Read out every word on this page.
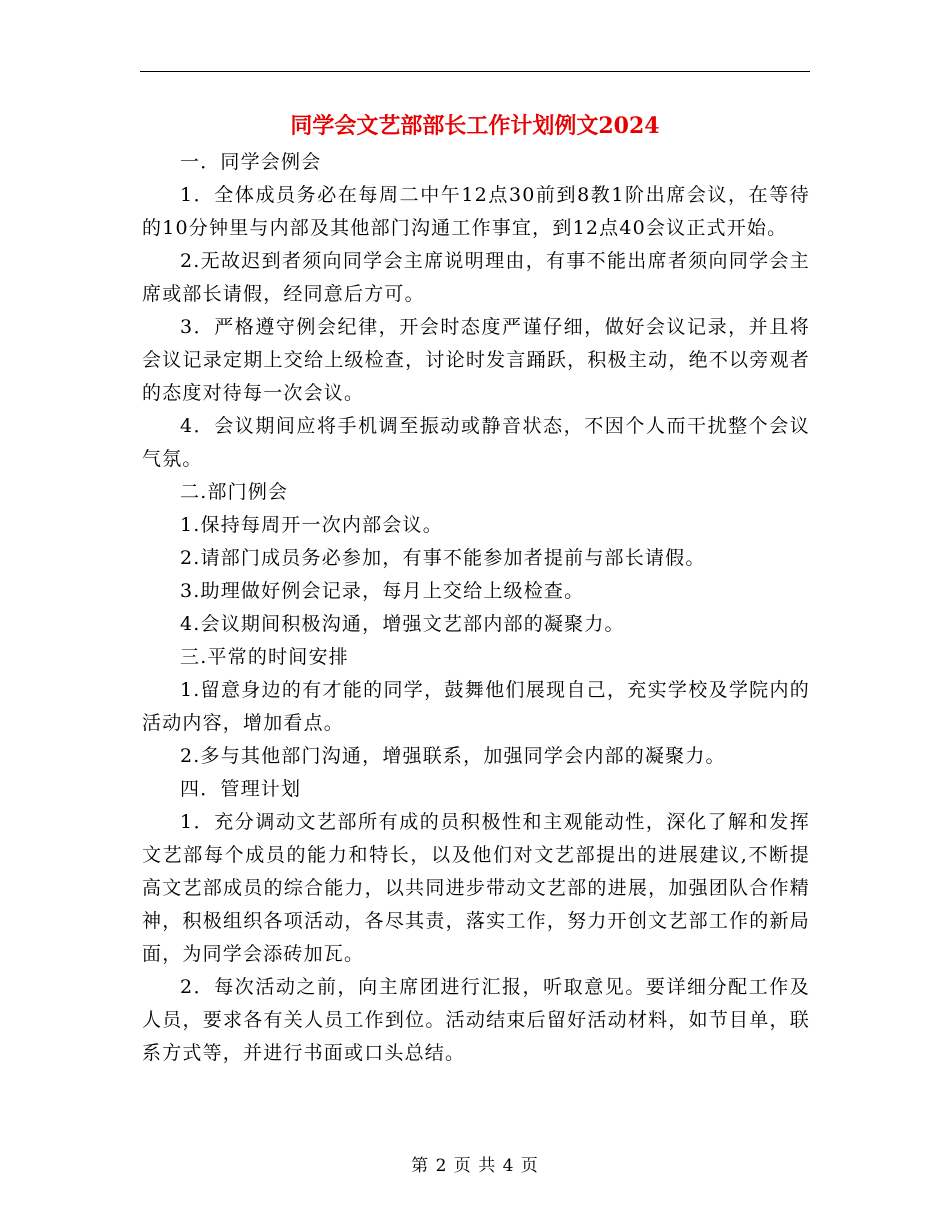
同学会文艺部部长工作计划例文2024

一．同学会例会

1．全体成员务必在每周二中午12点30前到8教1阶出席会议，在等待的10分钟里与内部及其他部门沟通工作事宜，到12点40会议正式开始。

2.无故迟到者须向同学会主席说明理由，有事不能出席者须向同学会主席或部长请假，经同意后方可。

3．严格遵守例会纪律，开会时态度严谨仔细，做好会议记录，并且将会议记录定期上交给上级检查，讨论时发言踊跃，积极主动，绝不以旁观者的态度对待每一次会议。

4．会议期间应将手机调至振动或静音状态，不因个人而干扰整个会议气氛。

二.部门例会

1.保持每周开一次内部会议。

2.请部门成员务必参加，有事不能参加者提前与部长请假。

3.助理做好例会记录，每月上交给上级检查。

4.会议期间积极沟通，增强文艺部内部的凝聚力。

三.平常的时间安排

1.留意身边的有才能的同学，鼓舞他们展现自己，充实学校及学院内的活动内容，增加看点。

2.多与其他部门沟通，增强联系，加强同学会内部的凝聚力。

四．管理计划

1．充分调动文艺部所有成的员积极性和主观能动性，深化了解和发挥文艺部每个成员的能力和特长，以及他们对文艺部提出的进展建议,不断提高文艺部成员的综合能力，以共同进步带动文艺部的进展，加强团队合作精神，积极组织各项活动，各尽其责，落实工作，努力开创文艺部工作的新局面，为同学会添砖加瓦。

2．每次活动之前，向主席团进行汇报，听取意见。要详细分配工作及人员，要求各有关人员工作到位。活动结束后留好活动材料，如节目单，联系方式等，并进行书面或口头总结。

第 2 页 共 4 页
